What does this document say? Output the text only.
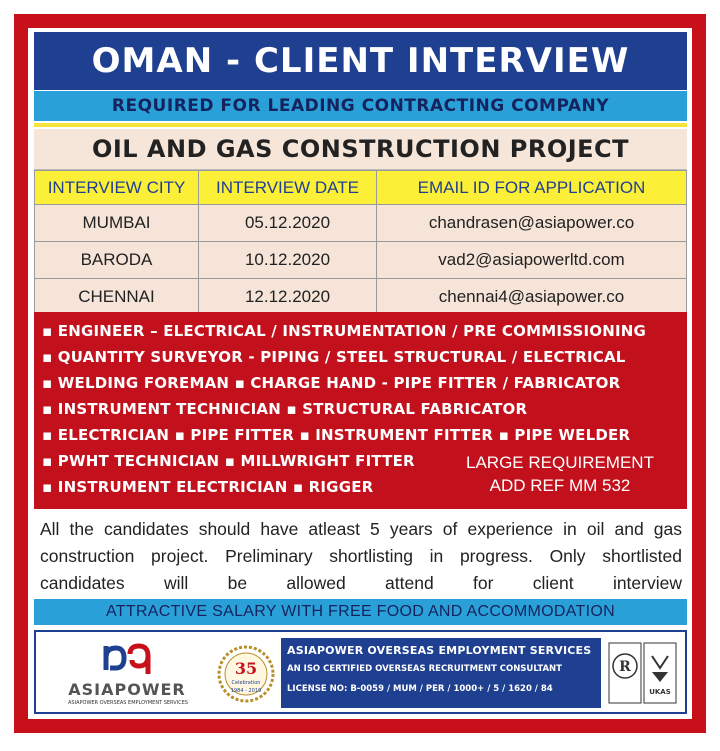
OMAN - CLIENT INTERVIEW
REQUIRED FOR LEADING CONTRACTING COMPANY
OIL AND GAS CONSTRUCTION PROJECT
INTERVIEW CITY	INTERVIEW DATE	EMAIL ID FOR APPLICATION
MUMBAI	05.12.2020	chandrasen@asiapower.co
BARODA	10.12.2020	vad2@asiapowerltd.com
CHENNAI	12.12.2020	chennai4@asiapower.co
▪ ENGINEER – ELECTRICAL / INSTRUMENTATION / PRE COMMISSIONING
▪ QUANTITY SURVEYOR - PIPING / STEEL STRUCTURAL / ELECTRICAL
▪ WELDING FOREMAN ▪ CHARGE HAND - PIPE FITTER / FABRICATOR
▪ INSTRUMENT TECHNICIAN ▪ STRUCTURAL FABRICATOR
▪ ELECTRICIAN ▪ PIPE FITTER ▪ INSTRUMENT FITTER ▪ PIPE WELDER
▪ PWHT TECHNICIAN ▪ MILLWRIGHT FITTER
▪ INSTRUMENT ELECTRICIAN ▪ RIGGER
LARGE REQUIREMENT
ADD REF MM 532
All the candidates should have atleast 5 years of experience in oil and gas construction project. Preliminary shortlisting in progress. Only shortlisted candidates will be allowed attend for client interview
ATTRACTIVE SALARY WITH FREE FOOD AND ACCOMMODATION
ASIAPOWER
ASIAPOWER OVERSEAS EMPLOYMENT SERVICES
35
Celebration
1984 - 2019
ASIAPOWER OVERSEAS EMPLOYMENT SERVICES
AN ISO CERTIFIED OVERSEAS RECRUITMENT CONSULTANT
LICENSE NO: B-0059 / MUM / PER / 1000+ / 5 / 1620 / 84
R
UKAS
